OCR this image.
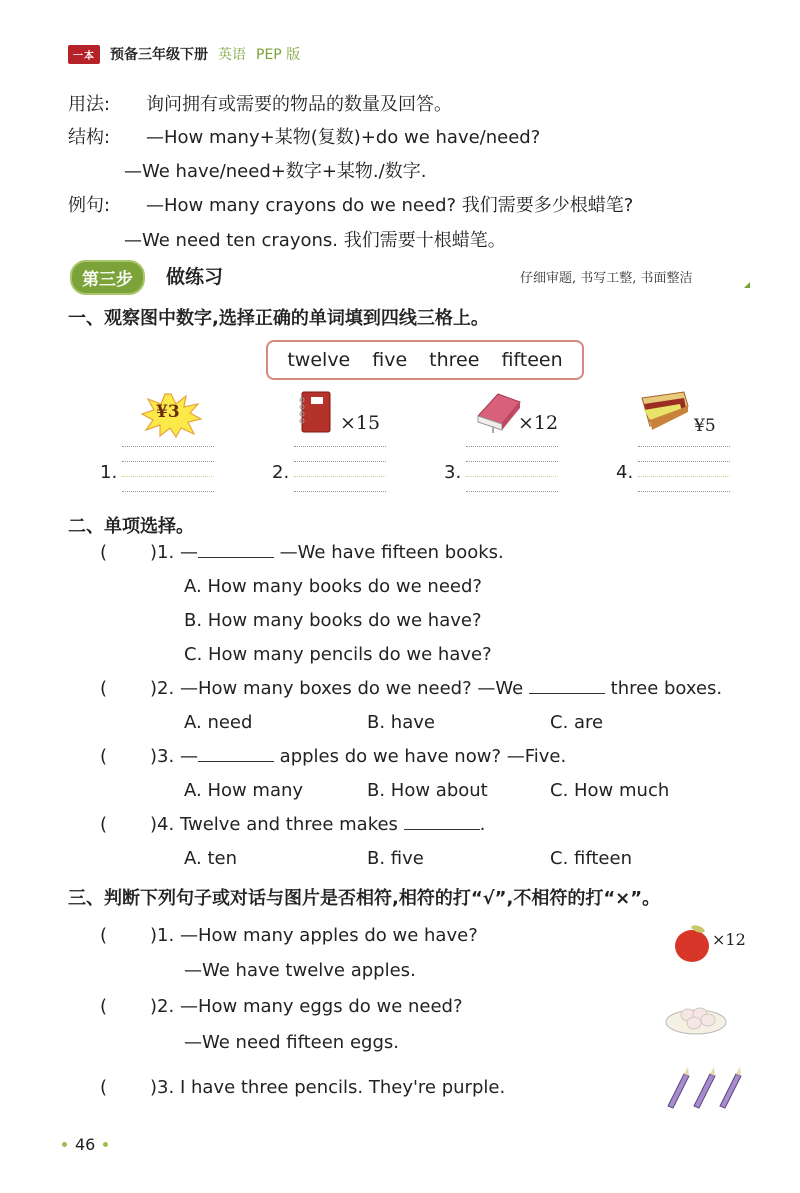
一本	预备三年级下册 英语 PEP 版
用法: 询问拥有或需要的物品的数量及回答。
结构: —How many+某物(复数)+do we have/need?
—We have/need+数字+某物./数字.
例句: —How many crayons do we need? 我们需要多少根蜡笔?
—We need ten crayons. 我们需要十根蜡笔。
第三步	做练习	仔细审题, 书写工整, 书面整洁
一、观察图中数字,选择正确的单词填到四线三格上。
twelve five three fifteen
¥3
1.
×15
2.
×12
3.
¥5
4.
二、单项选择。
( )1. —	—We have fifteen books.
A. How many books do we need?
B. How many books do we have?
C. How many pencils do we have?
( )2. —How many boxes do we need? —We	three boxes.
A. need	B. have	C. are
( )3. —	apples do we have now? —Five.
A. How many	B. How about	C. How much
( )4. Twelve and three makes	.
A. ten	B. five	C. fifteen
三、判断下列句子或对话与图片是否相符,相符的打“√”,不相符的打“×”。
( )1. —How many apples do we have?
—We have twelve apples.
×12
( )2. —How many eggs do we need?
—We need fifteen eggs.
( )3. I have three pencils. They're purple.
46
